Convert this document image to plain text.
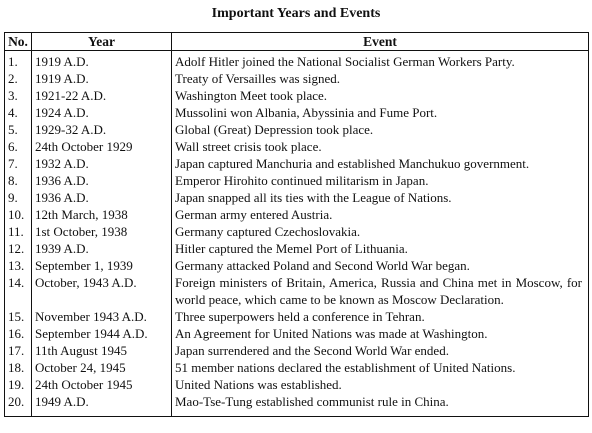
Important Years and Events
No.	Year	Event
1.	1919 A.D.	Adolf Hitler joined the National Socialist German Workers Party.
2.	1919 A.D.	Treaty of Versailles was signed.
3.	1921-22 A.D.	Washington Meet took place.
4.	1924 A.D.	Mussolini won Albania, Abyssinia and Fume Port.
5.	1929-32 A.D.	Global (Great) Depression took place.
6.	24th October 1929	Wall street crisis took place.
7.	1932 A.D.	Japan captured Manchuria and established Manchukuo government.
8.	1936 A.D.	Emperor Hirohito continued militarism in Japan.
9.	1936 A.D.	Japan snapped all its ties with the League of Nations.
10.	12th March, 1938	German army entered Austria.
11.	1st October, 1938	Germany captured Czechoslovakia.
12.	1939 A.D.	Hitler captured the Memel Port of Lithuania.
13.	September 1, 1939	Germany attacked Poland and Second World War began.
14.	October, 1943 A.D.	Foreign ministers of Britain, America, Russia and China met in Moscow, for world peace, which came to be known as Moscow Declaration.
15.	November 1943 A.D.	Three superpowers held a conference in Tehran.
16.	September 1944 A.D.	An Agreement for United Nations was made at Washington.
17.	11th August 1945	Japan surrendered and the Second World War ended.
18.	October 24, 1945	51 member nations declared the establishment of United Nations.
19.	24th October 1945	United Nations was established.
20.	1949 A.D.	Mao-Tse-Tung established communist rule in China.
